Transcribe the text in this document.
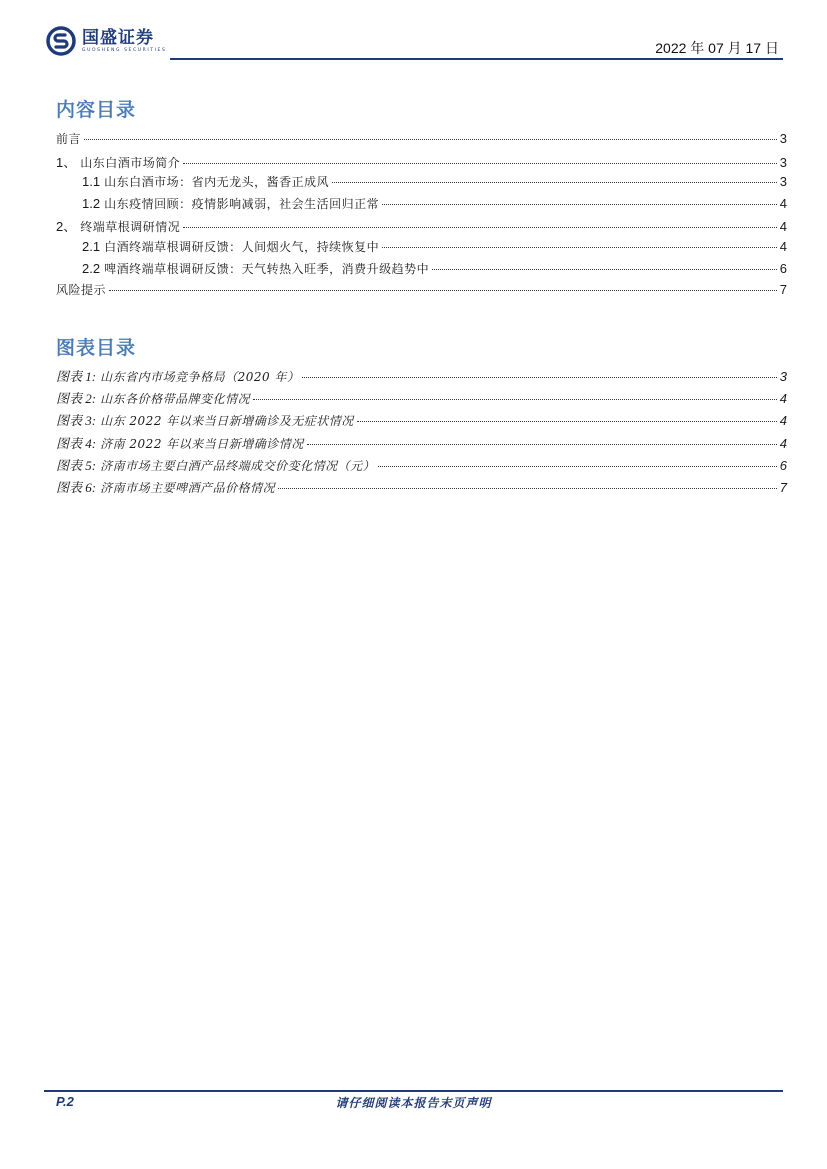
国盛证券
GUOSHENG SECURITIES	2022 年 07 月 17 日
内容目录
前言	3
1、 山东白酒市场简介	3
1.1 山东白酒市场：省内无龙头，酱香正成风	3
1.2 山东疫情回顾：疫情影响减弱，社会生活回归正常	4
2、 终端草根调研情况	4
2.1 白酒终端草根调研反馈：人间烟火气，持续恢复中	4
2.2 啤酒终端草根调研反馈：天气转热入旺季，消费升级趋势中	6
风险提示	7
图表目录
图表 1: 山东省内市场竞争格局（2020 年）	3
图表 2: 山东各价格带品牌变化情况	4
图表 3: 山东 2022 年以来当日新增确诊及无症状情况	4
图表 4: 济南 2022 年以来当日新增确诊情况	4
图表 5: 济南市场主要白酒产品终端成交价变化情况（元）	6
图表 6: 济南市场主要啤酒产品价格情况	7
P.2	请仔细阅读本报告末页声明
